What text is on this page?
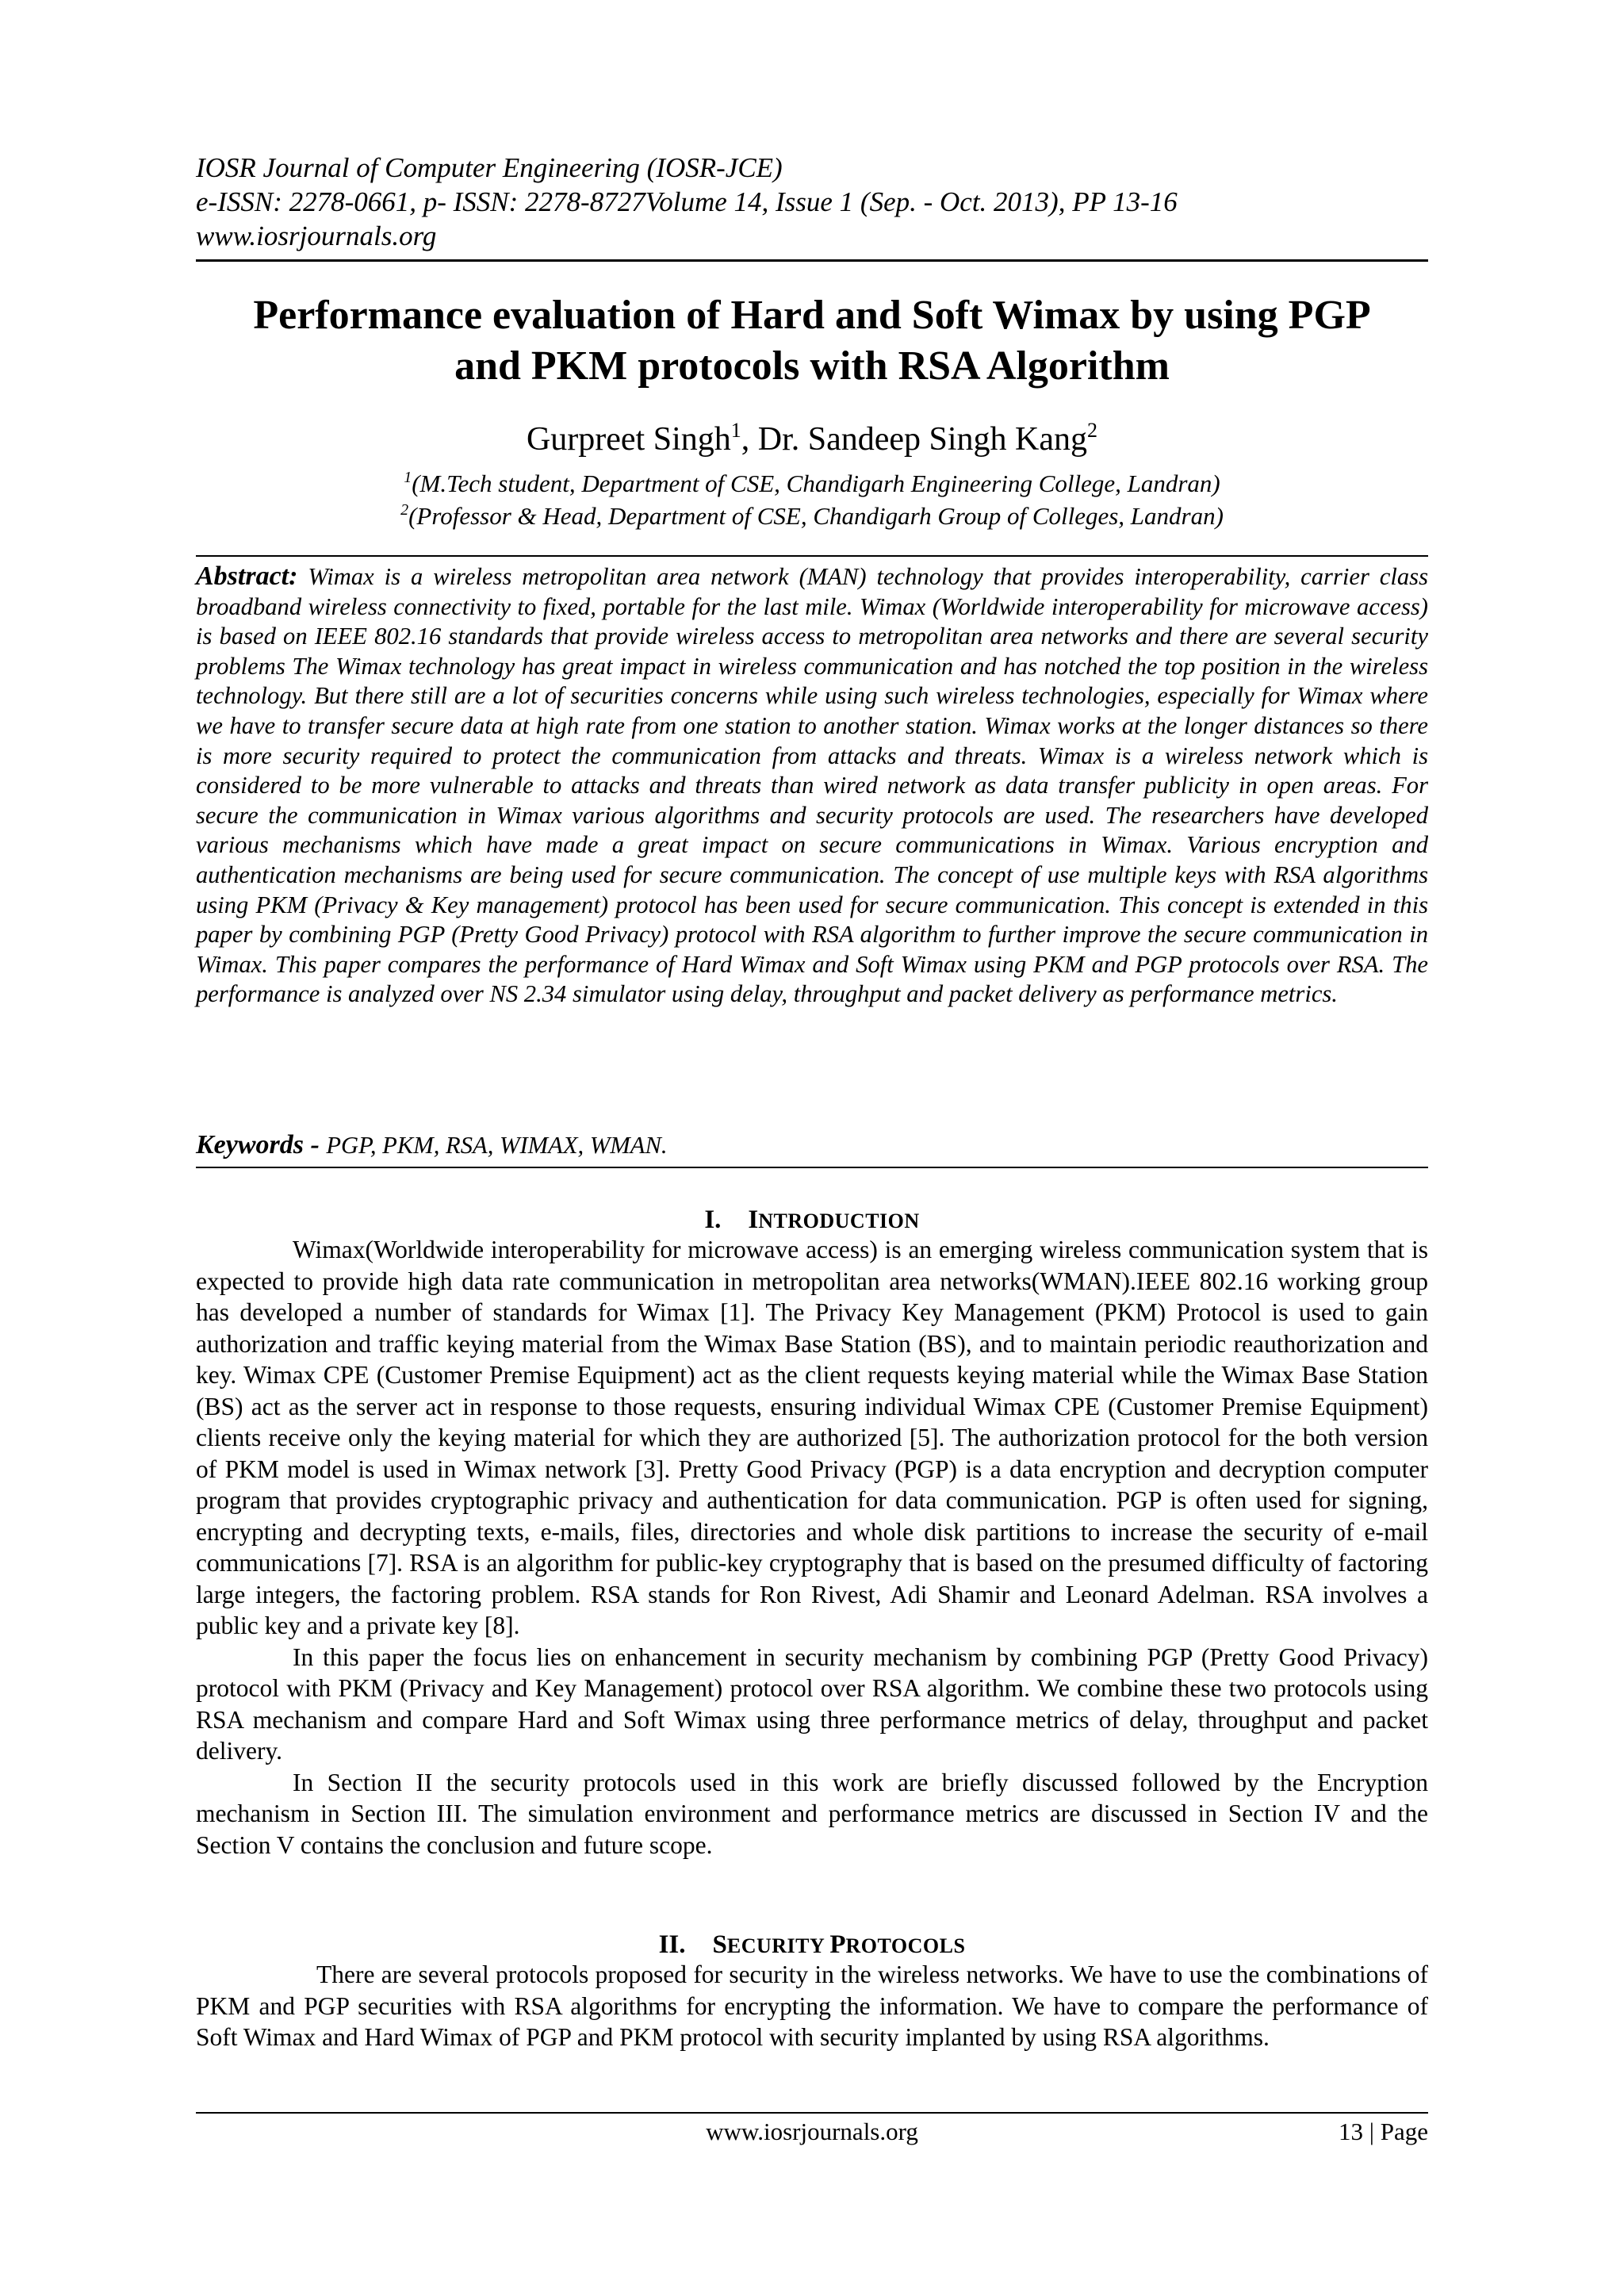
IOSR Journal of Computer Engineering (IOSR-JCE)
e-ISSN: 2278-0661, p- ISSN: 2278-8727Volume 14, Issue 1 (Sep. - Oct. 2013), PP 13-16
www.iosrjournals.org
Performance evaluation of Hard and Soft Wimax by using PGP
and PKM protocols with RSA Algorithm
Gurpreet Singh$^1$, Dr. Sandeep Singh Kang$^2$
$^1$(M.Tech student, Department of CSE, Chandigarh Engineering College, Landran)
$^2$(Professor & Head, Department of CSE, Chandigarh Group of Colleges, Landran)
Abstract: Wimax is a wireless metropolitan area network (MAN) technology that provides interoperability, carrier class broadband wireless connectivity to fixed, portable for the last mile. Wimax (Worldwide interoperability for microwave access) is based on IEEE 802.16 standards that provide wireless access to metropolitan area networks and there are several security problems The Wimax technology has great impact in wireless communication and has notched the top position in the wireless technology. But there still are a lot of securities concerns while using such wireless technologies, especially for Wimax where we have to transfer secure data at high rate from one station to another station. Wimax works at the longer distances so there is more security required to protect the communication from attacks and threats. Wimax is a wireless network which is considered to be more vulnerable to attacks and threats than wired network as data transfer publicity in open areas. For secure the communication in Wimax various algorithms and security protocols are used. The researchers have developed various mechanisms which have made a great impact on secure communications in Wimax. Various encryption and authentication mechanisms are being used for secure communication. The concept of use multiple keys with RSA algorithms using PKM (Privacy & Key management) protocol has been used for secure communication. This concept is extended in this paper by combining PGP (Pretty Good Privacy) protocol with RSA algorithm to further improve the secure communication in Wimax. This paper compares the performance of Hard Wimax and Soft Wimax using PKM and PGP protocols over RSA. The performance is analyzed over NS 2.34 simulator using delay, throughput and packet delivery as performance metrics.
Keywords - PGP, PKM, RSA, WIMAX, WMAN.
I. INTRODUCTION

Wimax(Worldwide interoperability for microwave access) is an emerging wireless communication system that is expected to provide high data rate communication in metropolitan area networks(WMAN).IEEE 802.16 working group has developed a number of standards for Wimax [1]. The Privacy Key Management (PKM) Protocol is used to gain authorization and traffic keying material from the Wimax Base Station (BS), and to maintain periodic reauthorization and key. Wimax CPE (Customer Premise Equipment) act as the client requests keying material while the Wimax Base Station (BS) act as the server act in response to those requests, ensuring individual Wimax CPE (Customer Premise Equipment) clients receive only the keying material for which they are authorized [5]. The authorization protocol for the both version of PKM model is used in Wimax network [3]. Pretty Good Privacy (PGP) is a data encryption and decryption computer program that provides cryptographic privacy and authentication for data communication. PGP is often used for signing, encrypting and decrypting texts, e-mails, files, directories and whole disk partitions to increase the security of e-mail communications [7]. RSA is an algorithm for public-key cryptography that is based on the presumed difficulty of factoring large integers, the factoring problem. RSA stands for Ron Rivest, Adi Shamir and Leonard Adelman. RSA involves a public key and a private key [8].

In this paper the focus lies on enhancement in security mechanism by combining PGP (Pretty Good Privacy) protocol with PKM (Privacy and Key Management) protocol over RSA algorithm. We combine these two protocols using RSA mechanism and compare Hard and Soft Wimax using three performance metrics of delay, throughput and packet delivery.

In Section II the security protocols used in this work are briefly discussed followed by the Encryption mechanism in Section III. The simulation environment and performance metrics are discussed in Section IV and the Section V contains the conclusion and future scope.

II. SECURITY PROTOCOLS

There are several protocols proposed for security in the wireless networks. We have to use the combinations of PKM and PGP securities with RSA algorithms for encrypting the information. We have to compare the performance of Soft Wimax and Hard Wimax of PGP and PKM protocol with security implanted by using RSA algorithms.

www.iosrjournals.org	13 | Page
